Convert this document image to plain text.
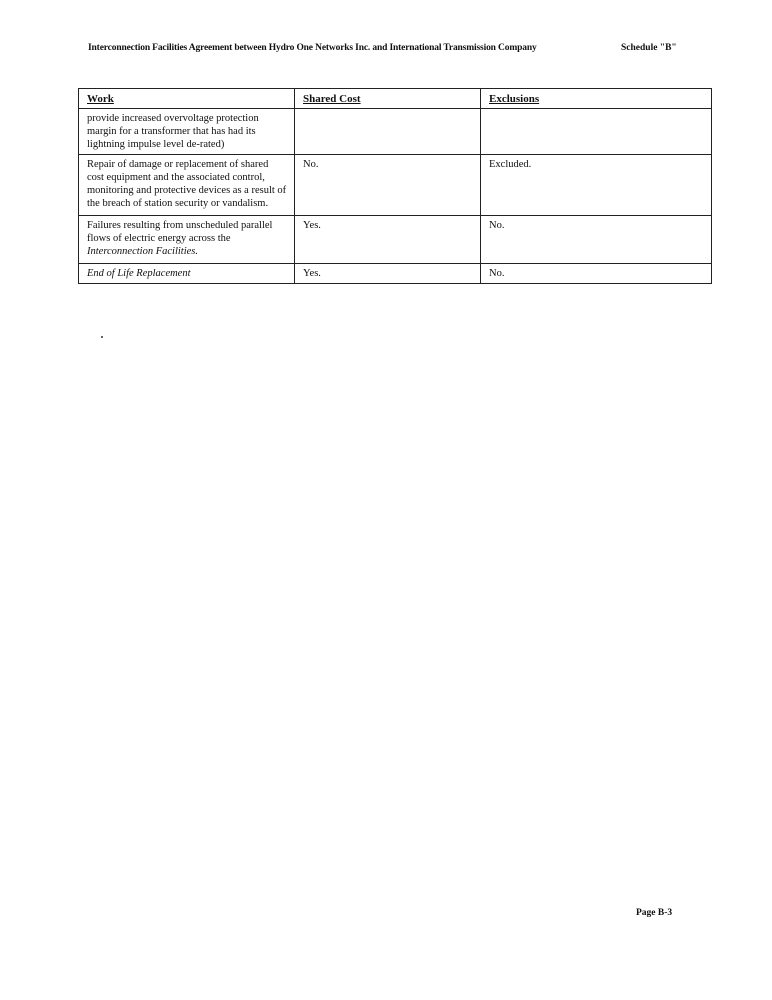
Interconnection Facilities Agreement between Hydro One Networks Inc. and International Transmission Company	Schedule "B"
Work	Shared Cost	Exclusions
provide increased overvoltage protection margin for a transformer that has had its lightning impulse level de-rated)		
Repair of damage or replacement of shared cost equipment and the associated control, monitoring and protective devices as a result of the breach of station security or vandalism.	No.	Excluded.
Failures resulting from unscheduled parallel flows of electric energy across the Interconnection Facilities.	Yes.	No.
End of Life Replacement	Yes.	No.
Page B-3
